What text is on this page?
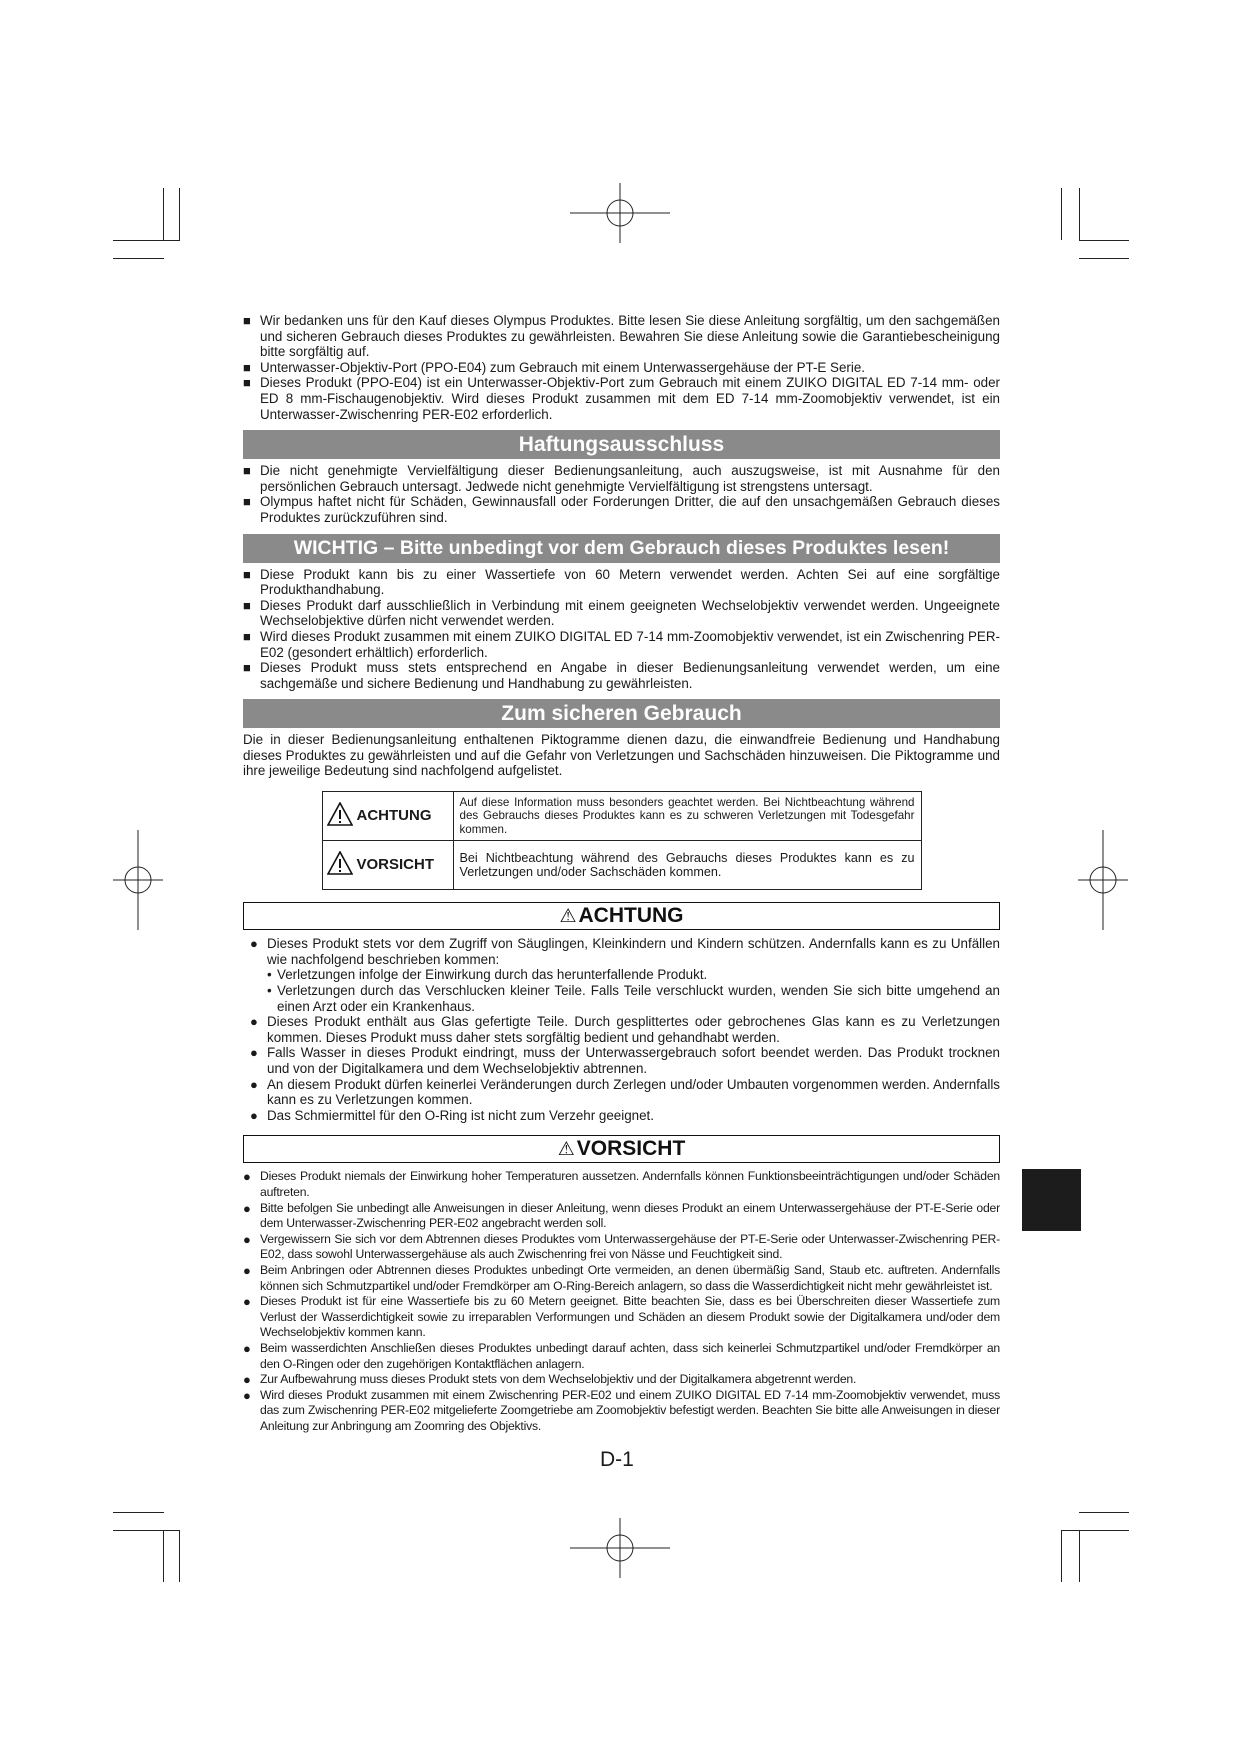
■
Wir bedanken uns für den Kauf dieses Olympus Produktes. Bitte lesen Sie diese Anleitung sorgfältig, um den sachgemäßen und sicheren Gebrauch dieses Produktes zu gewährleisten. Bewahren Sie diese Anleitung sowie die Garantiebescheinigung bitte sorgfältig auf.
■
Unterwasser-Objektiv-Port (PPO-E04) zum Gebrauch mit einem Unterwassergehäuse der PT-E Serie.
■
Dieses Produkt (PPO-E04) ist ein Unterwasser-Objektiv-Port zum Gebrauch mit einem ZUIKO DIGITAL ED 7-14 mm- oder ED 8 mm-Fischaugenobjektiv. Wird dieses Produkt zusammen mit dem ED 7-14 mm-Zoomobjektiv verwendet, ist ein Unterwasser-Zwischenring PER-E02 erforderlich.
Haftungsausschluss
■
Die nicht genehmigte Vervielfältigung dieser Bedienungsanleitung, auch auszugsweise, ist mit Ausnahme für den persönlichen Gebrauch untersagt. Jedwede nicht genehmigte Vervielfältigung ist strengstens untersagt.
■
Olympus haftet nicht für Schäden, Gewinnausfall oder Forderungen Dritter, die auf den unsachgemäßen Gebrauch dieses Produktes zurückzuführen sind.
WICHTIG – Bitte unbedingt vor dem Gebrauch dieses Produktes lesen!
■
Diese Produkt kann bis zu einer Wassertiefe von 60 Metern verwendet werden. Achten Sei auf eine sorgfältige Produkthandhabung.
■
Dieses Produkt darf ausschließlich in Verbindung mit einem geeigneten Wechselobjektiv verwendet werden. Ungeeignete Wechselobjektive dürfen nicht verwendet werden.
■
Wird dieses Produkt zusammen mit einem ZUIKO DIGITAL ED 7-14 mm-Zoomobjektiv verwendet, ist ein Zwischenring PER-E02 (gesondert erhältlich) erforderlich.
■
Dieses Produkt muss stets entsprechend en Angabe in dieser Bedienungsanleitung verwendet werden, um eine sachgemäße und sichere Bedienung und Handhabung zu gewährleisten.
Zum sicheren Gebrauch

Die in dieser Bedienungsanleitung enthaltenen Piktogramme dienen dazu, die einwandfreie Bedienung und Handhabung dieses Produktes zu gewährleisten und auf die Gefahr von Verletzungen und Sachschäden hinzuweisen. Die Piktogramme und ihre jeweilige Bedeutung sind nachfolgend aufgelistet.

ACHTUNG	Auf diese Information muss besonders geachtet werden. Bei Nichtbeachtung während des Gebrauchs dieses Produktes kann es zu schweren Verletzungen mit Todesgefahr kommen.
VORSICHT	Bei Nichtbeachtung während des Gebrauchs dieses Produktes kann es zu Verletzungen und/oder Sachschäden kommen.
⚠ACHTUNG
●
Dieses Produkt stets vor dem Zugriff von Säuglingen, Kleinkindern und Kindern schützen. Andernfalls kann es zu Unfällen wie nachfolgend beschrieben kommen:
• Verletzungen infolge der Einwirkung durch das herunterfallende Produkt.
• Verletzungen durch das Verschlucken kleiner Teile. Falls Teile verschluckt wurden, wenden Sie sich bitte umgehend an einen Arzt oder ein Krankenhaus.
●
Dieses Produkt enthält aus Glas gefertigte Teile. Durch gesplittertes oder gebrochenes Glas kann es zu Verletzungen kommen. Dieses Produkt muss daher stets sorgfältig bedient und gehandhabt werden.
●
Falls Wasser in dieses Produkt eindringt, muss der Unterwassergebrauch sofort beendet werden. Das Produkt trocknen und von der Digitalkamera und dem Wechselobjektiv abtrennen.
●
An diesem Produkt dürfen keinerlei Veränderungen durch Zerlegen und/oder Umbauten vorgenommen werden. Andernfalls kann es zu Verletzungen kommen.
●
Das Schmiermittel für den O-Ring ist nicht zum Verzehr geeignet.
⚠VORSICHT
●
Dieses Produkt niemals der Einwirkung hoher Temperaturen aussetzen. Andernfalls können Funktionsbeeinträchtigungen und/oder Schäden auftreten.
●
Bitte befolgen Sie unbedingt alle Anweisungen in dieser Anleitung, wenn dieses Produkt an einem Unterwassergehäuse der PT-E-Serie oder dem Unterwasser-Zwischenring PER-E02 angebracht werden soll.
●
Vergewissern Sie sich vor dem Abtrennen dieses Produktes vom Unterwassergehäuse der PT-E-Serie oder Unterwasser-Zwischenring PER-E02, dass sowohl Unterwassergehäuse als auch Zwischenring frei von Nässe und Feuchtigkeit sind.
●
Beim Anbringen oder Abtrennen dieses Produktes unbedingt Orte vermeiden, an denen übermäßig Sand, Staub etc. auftreten. Andernfalls können sich Schmutzpartikel und/oder Fremdkörper am O-Ring-Bereich anlagern, so dass die Wasserdichtigkeit nicht mehr gewährleistet ist.
●
Dieses Produkt ist für eine Wassertiefe bis zu 60 Metern geeignet. Bitte beachten Sie, dass es bei Überschreiten dieser Wassertiefe zum Verlust der Wasserdichtigkeit sowie zu irreparablen Verformungen und Schäden an diesem Produkt sowie der Digitalkamera und/oder dem Wechselobjektiv kommen kann.
●
Beim wasserdichten Anschließen dieses Produktes unbedingt darauf achten, dass sich keinerlei Schmutzpartikel und/oder Fremdkörper an den O-Ringen oder den zugehörigen Kontaktflächen anlagern.
●
Zur Aufbewahrung muss dieses Produkt stets von dem Wechselobjektiv und der Digitalkamera abgetrennt werden.
●
Wird dieses Produkt zusammen mit einem Zwischenring PER-E02 und einem ZUIKO DIGITAL ED 7-14 mm-Zoomobjektiv verwendet, muss das zum Zwischenring PER-E02 mitgelieferte Zoomgetriebe am Zoomobjektiv befestigt werden. Beachten Sie bitte alle Anweisungen in dieser Anleitung zur Anbringung am Zoomring des Objektivs.
D-1
